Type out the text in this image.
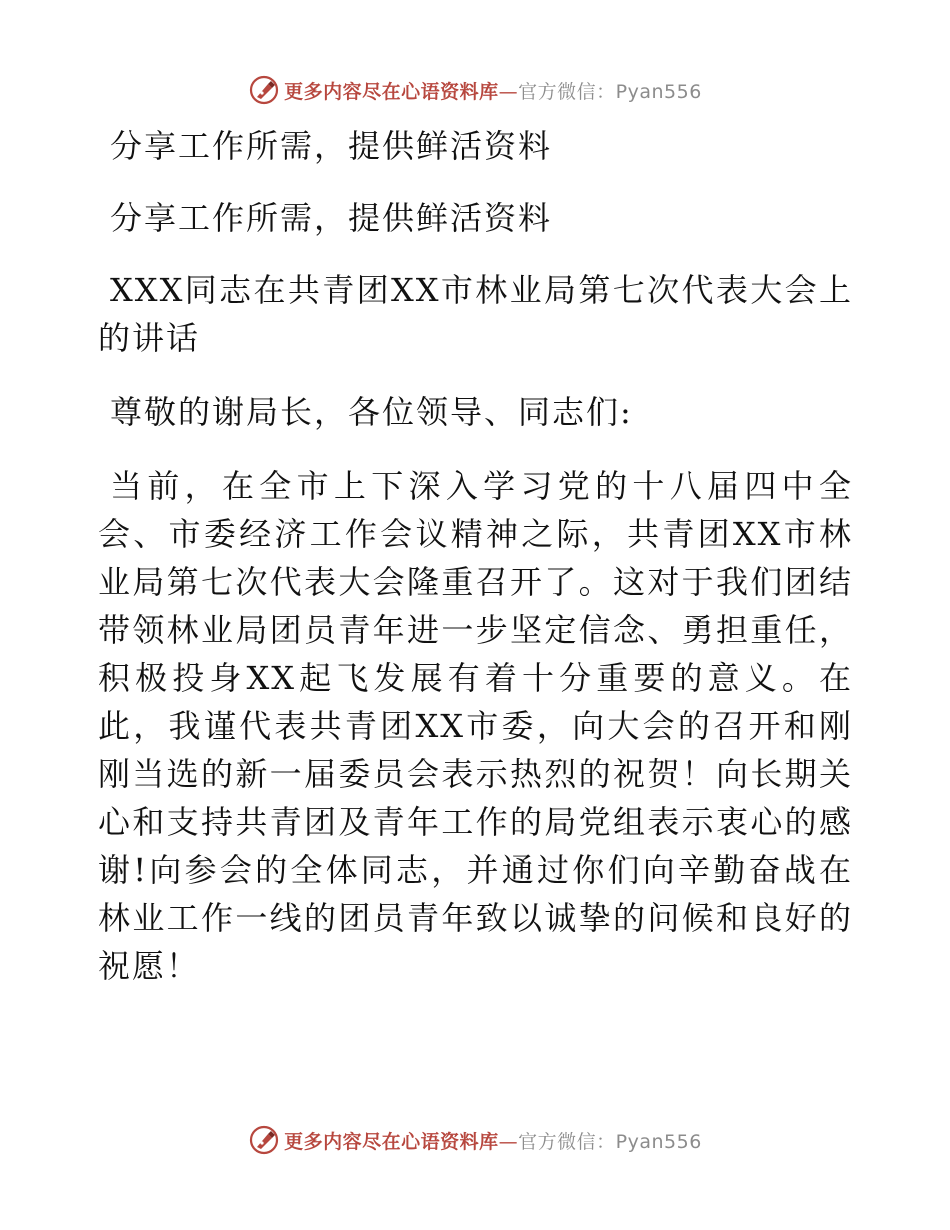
更多内容尽在心语资料库—官方微信：Pyan556

分享工作所需，提供鲜活资料

分享工作所需，提供鲜活资料

XXX同志在共青团XX市林业局第七次代表大会上的讲话

尊敬的谢局长，各位领导、同志们:

当前，在全市上下深入学习党的十八届四中全会、市委经济工作会议精神之际，共青团XX市林业局第七次代表大会隆重召开了。这对于我们团结带领林业局团员青年进一步坚定信念、勇担重任，积极投身XX起飞发展有着十分重要的意义。在此，我谨代表共青团XX市委，向大会的召开和刚刚当选的新一届委员会表示热烈的祝贺！向长期关心和支持共青团及青年工作的局党组表示衷心的感谢!向参会的全体同志，并通过你们向辛勤奋战在林业工作一线的团员青年致以诚挚的问候和良好的祝愿！

更多内容尽在心语资料库—官方微信：Pyan556
